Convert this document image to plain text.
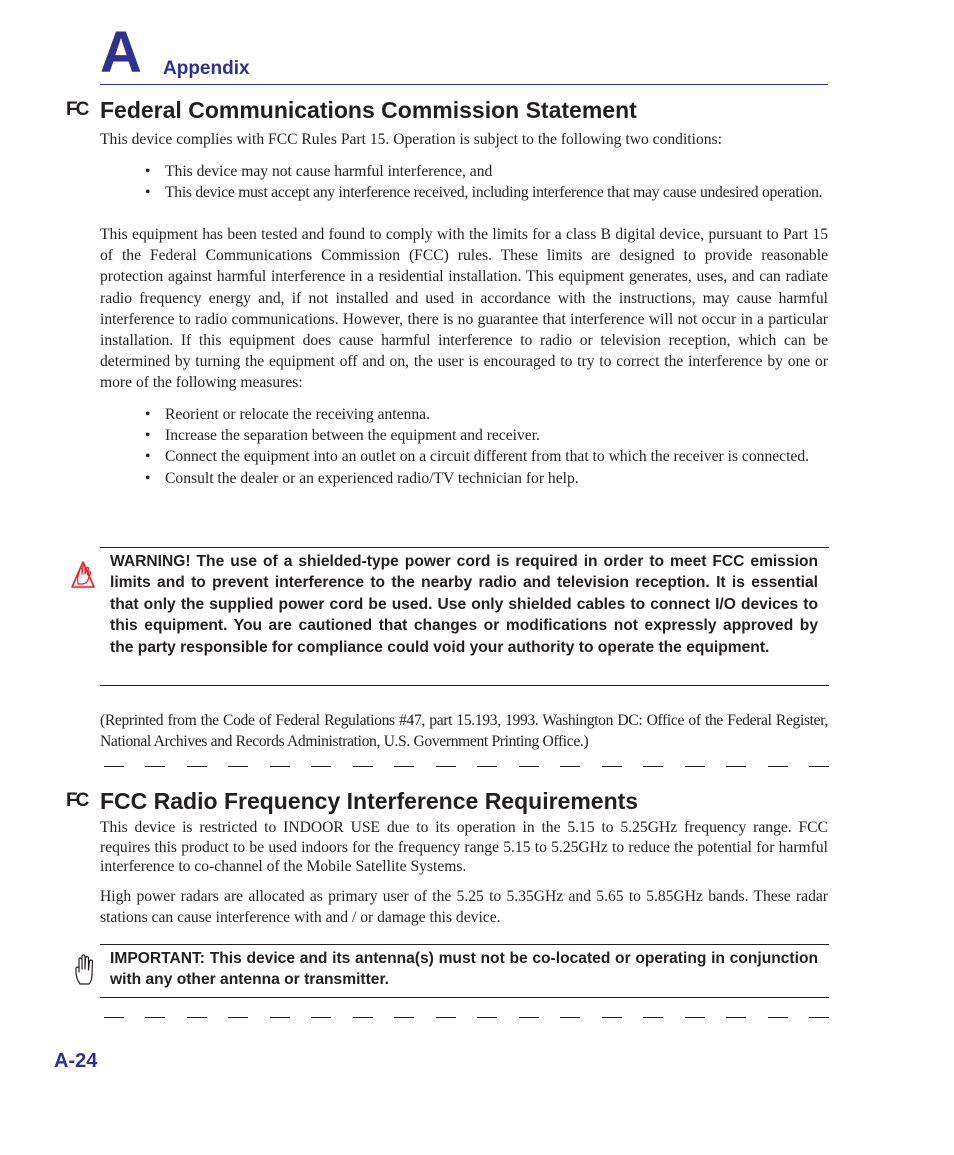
A Appendix
FC Federal Communications Commission Statement
This device complies with FCC Rules Part 15. Operation is subject to the following two conditions:
• This device may not cause harmful interference, and
• This device must accept any interference received, including interference that may cause undesired operation.
This equipment has been tested and found to comply with the limits for a class B digital device, pursuant to Part 15 of the Federal Communications Commission (FCC) rules. These limits are designed to provide reasonable protection against harmful interference in a residential installation. This equipment generates, uses, and can radiate radio frequency energy and, if not installed and used in accordance with the instructions, may cause harmful interference to radio communications. However, there is no guarantee that interference will not occur in a particular installation. If this equipment does cause harmful interference to radio or television reception, which can be determined by turning the equipment off and on, the user is encouraged to try to correct the interference by one or more of the following measures:
• Reorient or relocate the receiving antenna.
• Increase the separation between the equipment and receiver.
• Connect the equipment into an outlet on a circuit different from that to which the receiver is connected.
• Consult the dealer or an experienced radio/TV technician for help.
WARNING! The use of a shielded-type power cord is required in order to meet FCC emission limits and to prevent interference to the nearby radio and television reception. It is essential that only the supplied power cord be used. Use only shielded cables to connect I/O devices to this equipment. You are cautioned that changes or modifications not expressly approved by the party responsible for compliance could void your authority to operate the equipment.
(Reprinted from the Code of Federal Regulations #47, part 15.193, 1993. Washington DC: Office of the Federal Register, National Archives and Records Administration, U.S. Government Printing Office.)
FC FCC Radio Frequency Interference Requirements
This device is restricted to INDOOR USE due to its operation in the 5.15 to 5.25GHz frequency range. FCC requires this product to be used indoors for the frequency range 5.15 to 5.25GHz to reduce the potential for harmful interference to co-channel of the Mobile Satellite Systems.
High power radars are allocated as primary user of the 5.25 to 5.35GHz and 5.65 to 5.85GHz bands. These radar stations can cause interference with and / or damage this device.
IMPORTANT: This device and its antenna(s) must not be co-located or operating in conjunction with any other antenna or transmitter.
A-24
